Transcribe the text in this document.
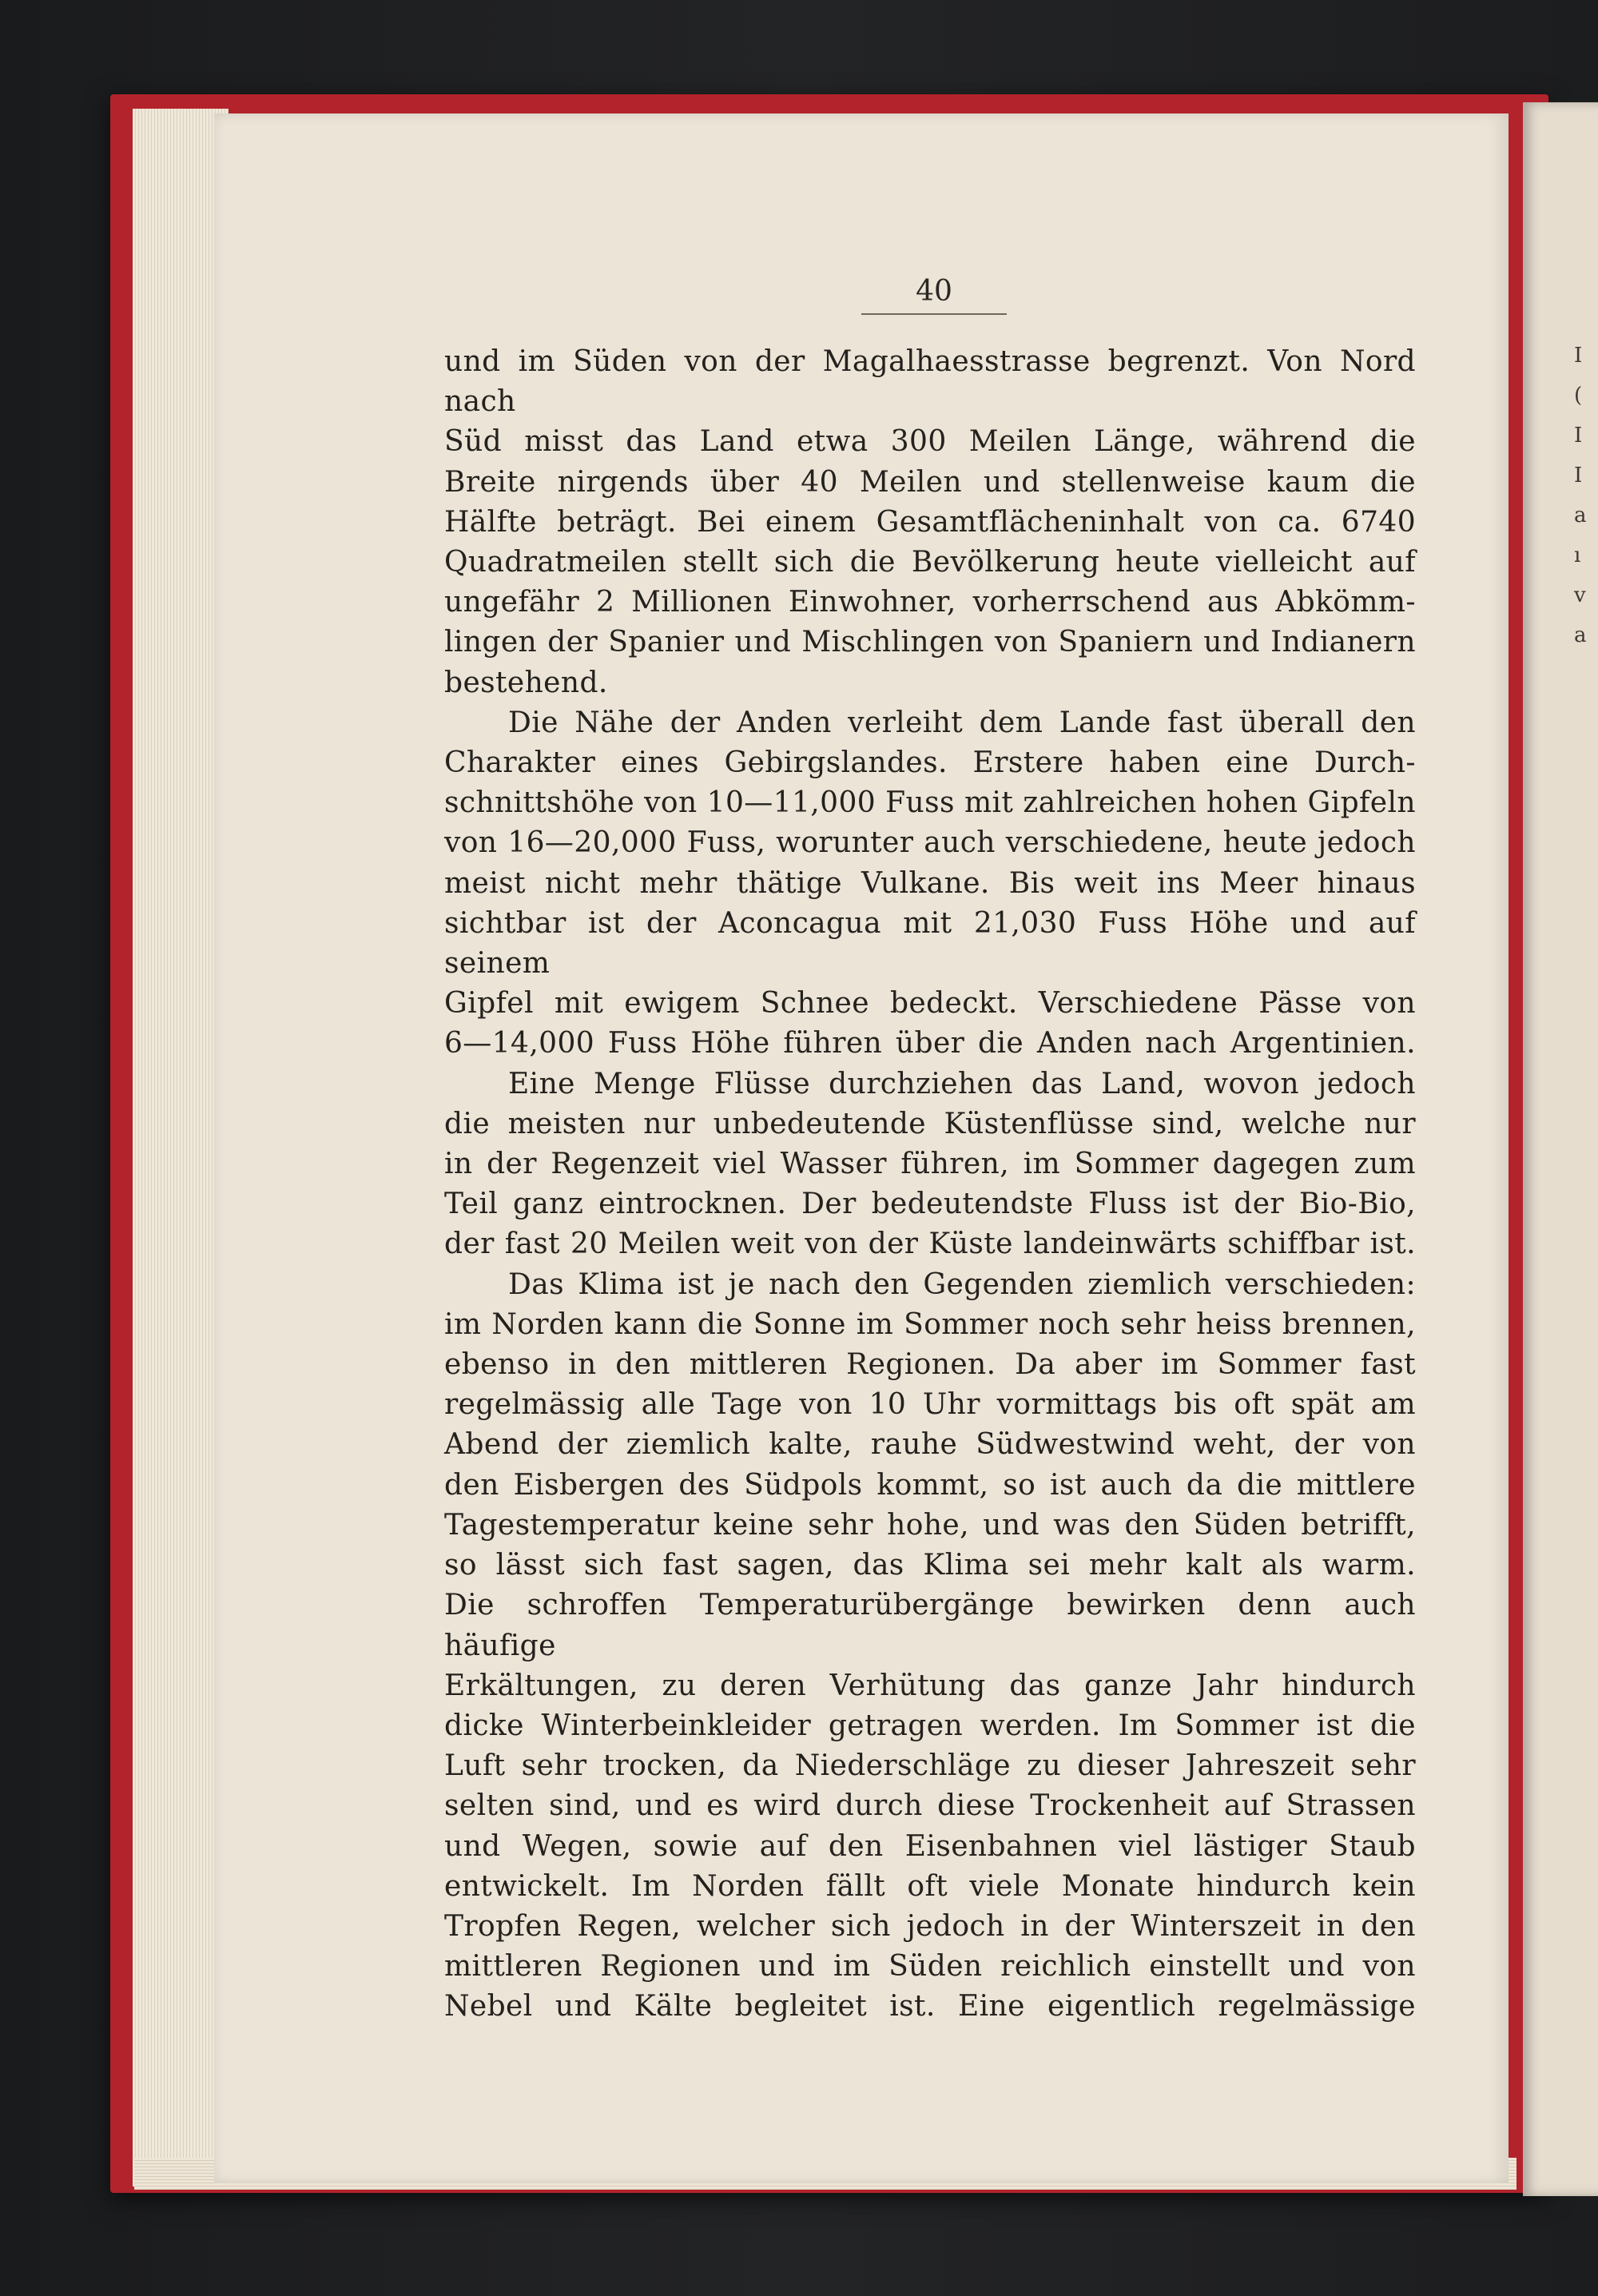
I
(
I
I
a
ı
v
a
40

und im Süden von der Magalhaesstrasse begrenzt. Von Nord nach
Süd misst das Land etwa 300 Meilen Länge, während die
Breite nirgends über 40 Meilen und stellenweise kaum die
Hälfte beträgt. Bei einem Gesamtflächeninhalt von ca. 6740
Quadratmeilen stellt sich die Bevölkerung heute vielleicht auf
ungefähr 2 Millionen Einwohner, vorherrschend aus Abkömm-
lingen der Spanier und Mischlingen von Spaniern und Indianern
bestehend.

Die Nähe der Anden verleiht dem Lande fast überall den
Charakter eines Gebirgslandes. Erstere haben eine Durch-
schnittshöhe von 10—11,000 Fuss mit zahlreichen hohen Gipfeln
von 16—20,000 Fuss, worunter auch verschiedene, heute jedoch
meist nicht mehr thätige Vulkane. Bis weit ins Meer hinaus
sichtbar ist der Aconcagua mit 21,030 Fuss Höhe und auf seinem
Gipfel mit ewigem Schnee bedeckt. Verschiedene Pässe von
6—14,000 Fuss Höhe führen über die Anden nach Argentinien.

Eine Menge Flüsse durchziehen das Land, wovon jedoch
die meisten nur unbedeutende Küstenflüsse sind, welche nur
in der Regenzeit viel Wasser führen, im Sommer dagegen zum
Teil ganz eintrocknen. Der bedeutendste Fluss ist der Bio-Bio,
der fast 20 Meilen weit von der Küste landeinwärts schiffbar ist.

Das Klima ist je nach den Gegenden ziemlich verschieden:
im Norden kann die Sonne im Sommer noch sehr heiss brennen,
ebenso in den mittleren Regionen. Da aber im Sommer fast
regelmässig alle Tage von 10 Uhr vormittags bis oft spät am
Abend der ziemlich kalte, rauhe Südwestwind weht, der von
den Eisbergen des Südpols kommt, so ist auch da die mittlere
Tagestemperatur keine sehr hohe, und was den Süden betrifft,
so lässt sich fast sagen, das Klima sei mehr kalt als warm.
Die schroffen Temperaturübergänge bewirken denn auch häufige
Erkältungen, zu deren Verhütung das ganze Jahr hindurch
dicke Winterbeinkleider getragen werden. Im Sommer ist die
Luft sehr trocken, da Niederschläge zu dieser Jahreszeit sehr
selten sind, und es wird durch diese Trockenheit auf Strassen
und Wegen, sowie auf den Eisenbahnen viel lästiger Staub
entwickelt. Im Norden fällt oft viele Monate hindurch kein
Tropfen Regen, welcher sich jedoch in der Winterszeit in den
mittleren Regionen und im Süden reichlich einstellt und von
Nebel und Kälte begleitet ist. Eine eigentlich regelmässige
